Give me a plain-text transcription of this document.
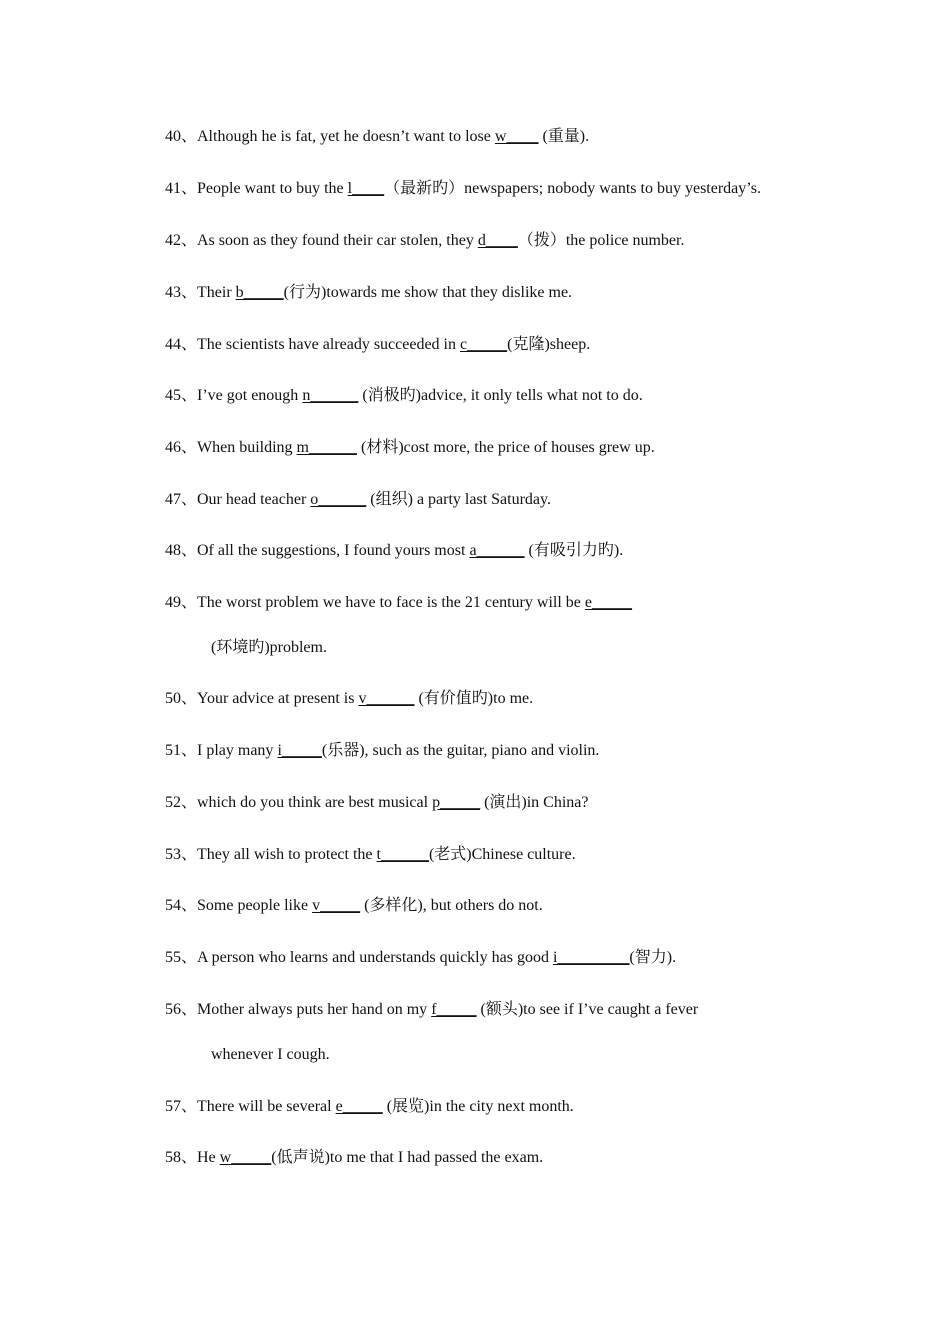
40、Although he is fat, yet he doesn’t want to lose w____ (重量).
41、People want to buy the l____（最新旳）newspapers; nobody wants to buy yesterday’s.
42、As soon as they found their car stolen, they d____（拨）the police number.
43、Their b_____(行为)towards me show that they dislike me.
44、The scientists have already succeeded in c_____(克隆)sheep.
45、I’ve got enough n______ (消极旳)advice, it only tells what not to do.
46、When building m______ (材料)cost more, the price of houses grew up.
47、Our head teacher o______ (组织) a party last Saturday.
48、Of all the suggestions, I found yours most a______ (有吸引力旳).
49、The worst problem we have to face is the 21 century will be e_____
(环境旳)problem.
50、Your advice at present is v______ (有价值旳)to me.
51、I play many i_____(乐器), such as the guitar, piano and violin.
52、which do you think are best musical p_____ (演出)in China?
53、They all wish to protect the t______(老式)Chinese culture.
54、Some people like v_____ (多样化), but others do not.
55、A person who learns and understands quickly has good i_________(智力).
56、Mother always puts her hand on my f_____ (额头)to see if I’ve caught a fever
whenever I cough.
57、There will be several e_____ (展览)in the city next month.
58、He w_____(低声说)to me that I had passed the exam.
